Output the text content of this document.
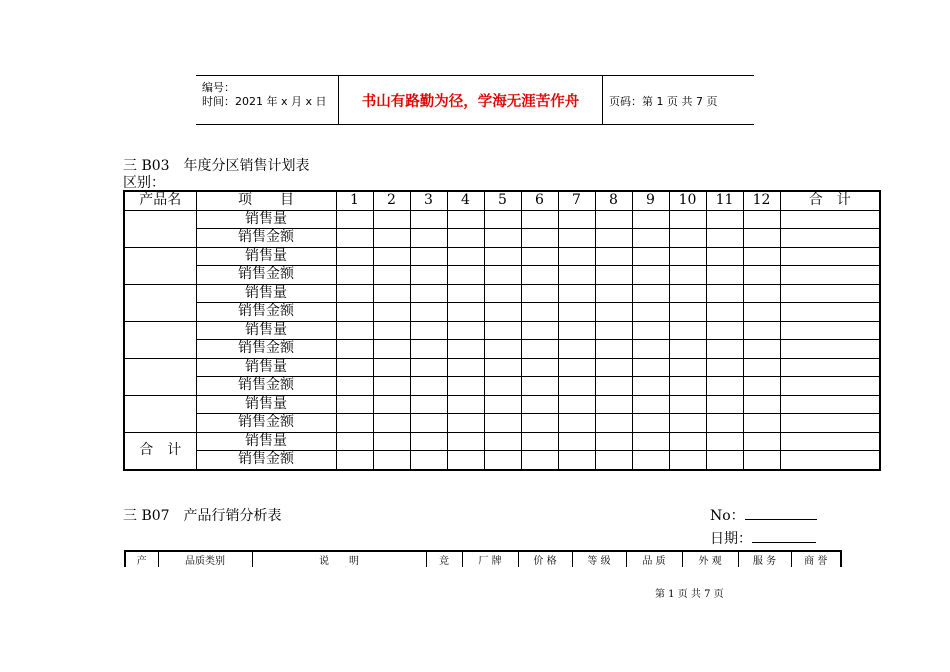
编号：
时间：2021 年 x 月 x 日	书山有路勤为径，学海无涯苦作舟	页码：第 1 页 共 7 页
三 B03　年度分区销售计划表
区别：
产品名	项　　目	1	2	3	4	5	6	7	8	9	10	11	12	合　计
	销售量													
	销售金额													
	销售量													
	销售金额													
	销售量													
	销售金额													
	销售量													
	销售金额													
	销售量													
	销售金额													
	销售量													
	销售金额													
合　计	销售量													
	销售金额													
三 B07　产品行销分析表	No：
日期：
产	品质类别	说　　明	竞	厂 牌	价 格	等 级	品 质	外 观	服 务	商 誉
第 1 页 共 7 页
